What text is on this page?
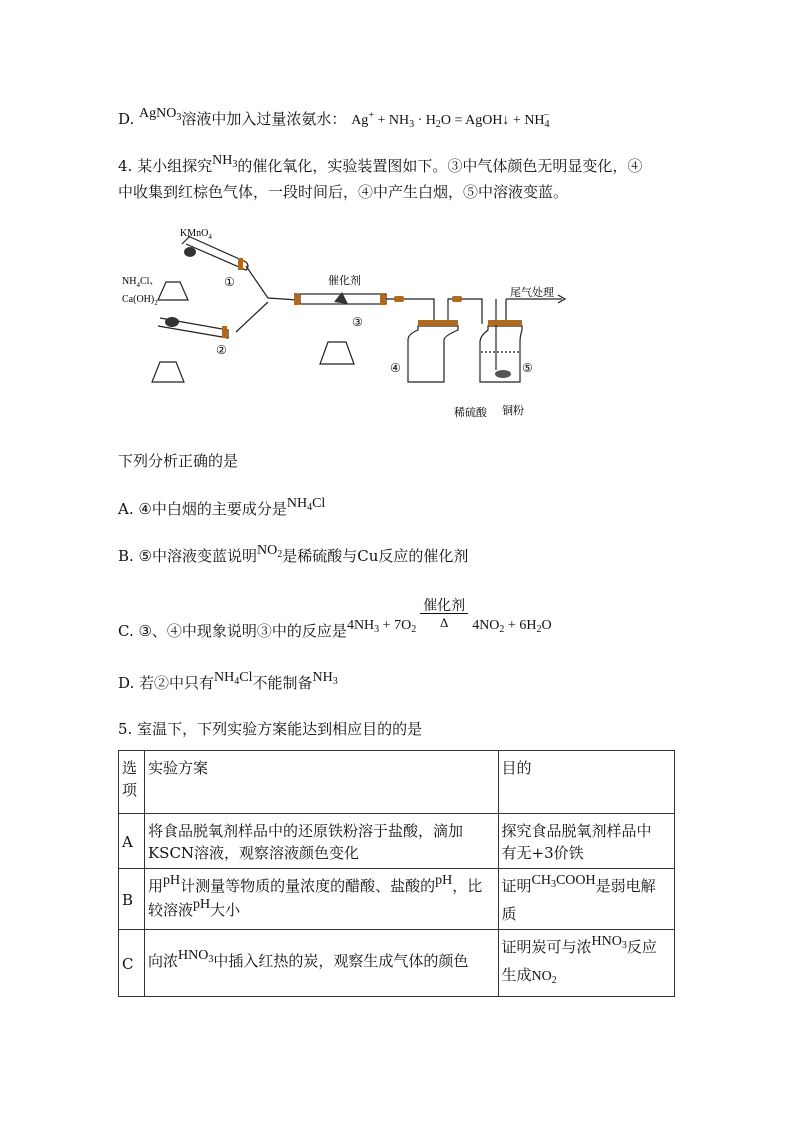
D. AgNO$_3$溶液中加入过量浓氨水： $Ag^+ + NH_3 \cdot H_2O$ = AgOH↓ + $NH_4^-$
4. 某小组探究$NH_3$的催化氧化，实验装置图如下。③中气体颜色无明显变化，④
中收集到红棕色气体，一段时间后，④中产生白烟，⑤中溶液变蓝。
KMnO$_4$
$NH_4Cl$、
$Ca(OH)_2$
催化剂
尾气处理
稀硫酸 铜粉
①
②
③
④	⑤
下列分析正确的是
A. ④中白烟的主要成分是$NH_4Cl$
B. ⑤中溶液变蓝说明$NO_2$是稀硫酸与Cu反应的催化剂
C. ③、④中现象说明③中的反应是$4NH_3 + 7O_2$
催化剂
Δ	$4NO_2 + 6H_2O$
D. 若②中只有$NH_4Cl$不能制备$NH_3$
5. 室温下，下列实验方案能达到相应目的的是
选
项	实验方案	目的
A	将食品脱氧剂样品中的还原铁粉溶于盐酸，滴加
KSCN溶液，观察溶液颜色变化	探究食品脱氧剂样品中
有无+3价铁
B	用pH计测量等物质的量浓度的醋酸、盐酸的pH，比
较溶液pH大小	证明$CH_3COOH$是弱电解
质
C	向浓$HNO_3$中插入红热的炭，观察生成气体的颜色	证明炭可与浓$HNO_3$反应
生成$NO_2$
